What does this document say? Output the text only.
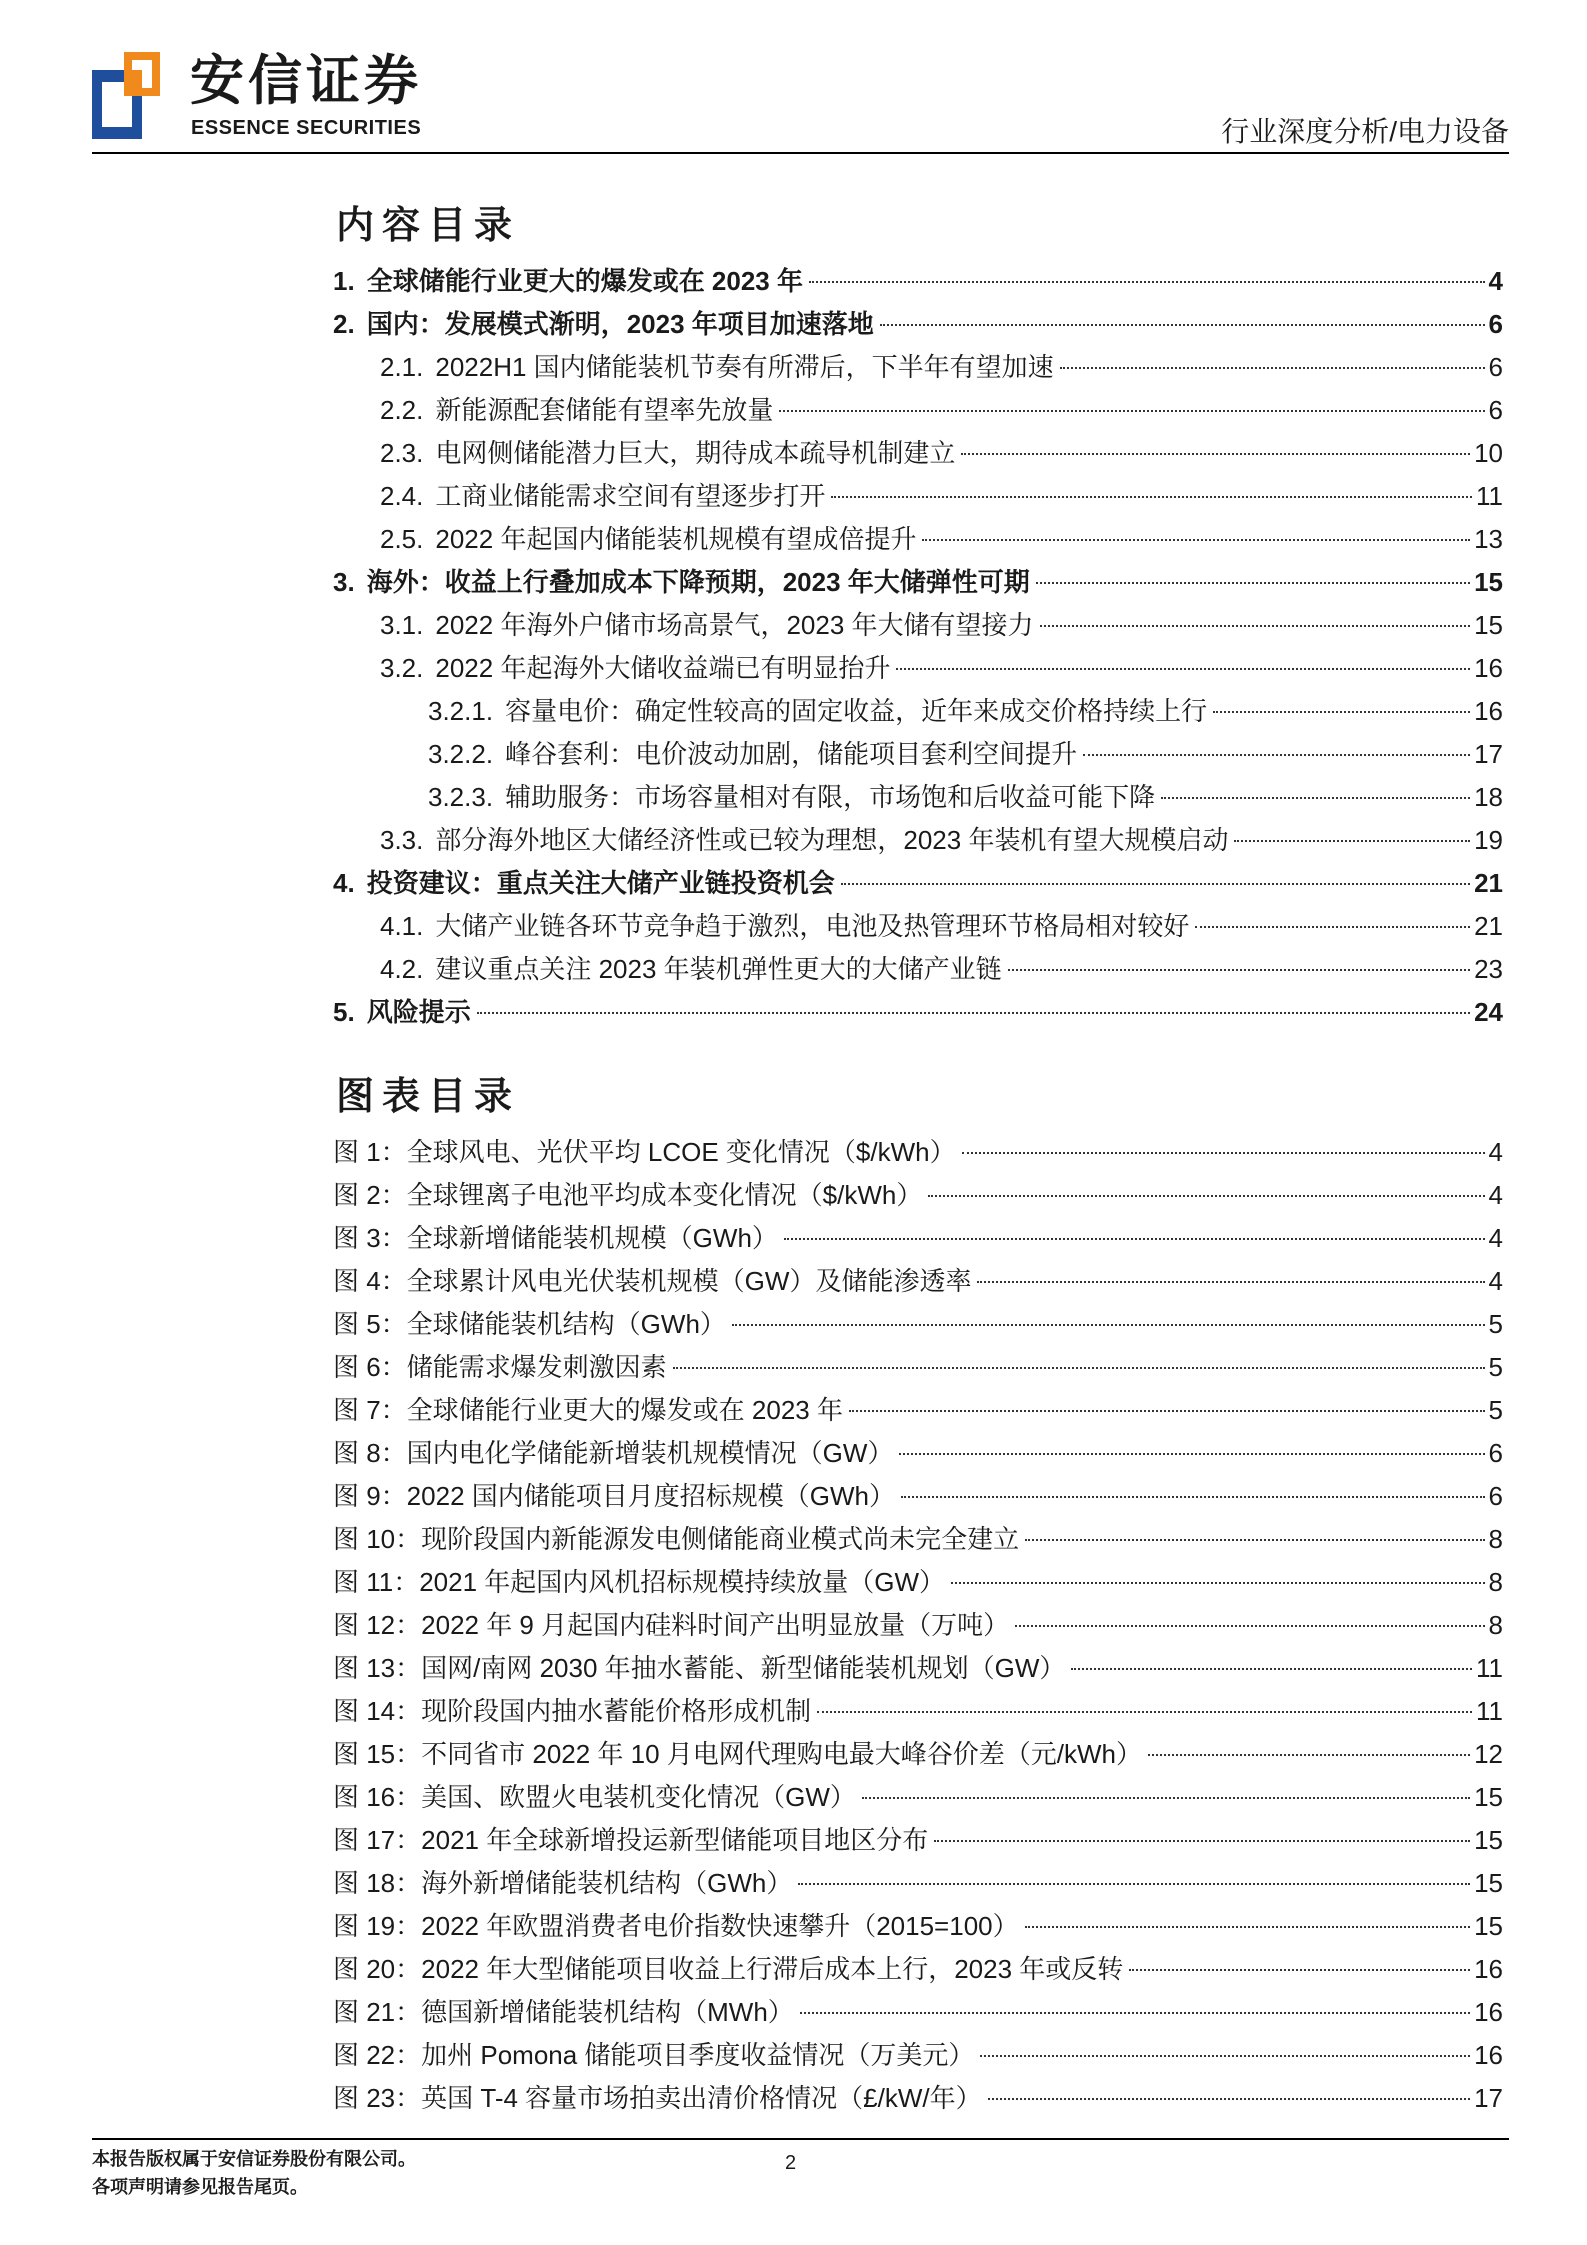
安信证券
ESSENCE SECURITIES	行业深度分析/电力设备
内容目录
1. 全球储能行业更大的爆发或在 2023 年	4
2. 国内：发展模式渐明，2023 年项目加速落地	6
2.1. 2022H1 国内储能装机节奏有所滞后，下半年有望加速	6
2.2. 新能源配套储能有望率先放量	6
2.3. 电网侧储能潜力巨大，期待成本疏导机制建立	10
2.4. 工商业储能需求空间有望逐步打开	11
2.5. 2022 年起国内储能装机规模有望成倍提升	13
3. 海外：收益上行叠加成本下降预期，2023 年大储弹性可期	15
3.1. 2022 年海外户储市场高景气，2023 年大储有望接力	15
3.2. 2022 年起海外大储收益端已有明显抬升	16
3.2.1. 容量电价：确定性较高的固定收益，近年来成交价格持续上行	16
3.2.2. 峰谷套利：电价波动加剧，储能项目套利空间提升	17
3.2.3. 辅助服务：市场容量相对有限，市场饱和后收益可能下降	18
3.3. 部分海外地区大储经济性或已较为理想，2023 年装机有望大规模启动	19
4. 投资建议：重点关注大储产业链投资机会	21
4.1. 大储产业链各环节竞争趋于激烈，电池及热管理环节格局相对较好	21
4.2. 建议重点关注 2023 年装机弹性更大的大储产业链	23
5. 风险提示	24
图表目录
图 1：全球风电、光伏平均 LCOE 变化情况（$/kWh）	4
图 2：全球锂离子电池平均成本变化情况（$/kWh）	4
图 3：全球新增储能装机规模（GWh）	4
图 4：全球累计风电光伏装机规模（GW）及储能渗透率	4
图 5：全球储能装机结构（GWh）	5
图 6：储能需求爆发刺激因素	5
图 7：全球储能行业更大的爆发或在 2023 年	5
图 8：国内电化学储能新增装机规模情况（GW）	6
图 9：2022 国内储能项目月度招标规模（GWh）	6
图 10：现阶段国内新能源发电侧储能商业模式尚未完全建立	8
图 11：2021 年起国内风机招标规模持续放量（GW）	8
图 12：2022 年 9 月起国内硅料时间产出明显放量（万吨）	8
图 13：国网/南网 2030 年抽水蓄能、新型储能装机规划（GW）	11
图 14：现阶段国内抽水蓄能价格形成机制	11
图 15：不同省市 2022 年 10 月电网代理购电最大峰谷价差（元/kWh）	12
图 16：美国、欧盟火电装机变化情况（GW）	15
图 17：2021 年全球新增投运新型储能项目地区分布	15
图 18：海外新增储能装机结构（GWh）	15
图 19：2022 年欧盟消费者电价指数快速攀升（2015=100）	15
图 20：2022 年大型储能项目收益上行滞后成本上行，2023 年或反转	16
图 21：德国新增储能装机结构（MWh）	16
图 22：加州 Pomona 储能项目季度收益情况（万美元）	16
图 23：英国 T-4 容量市场拍卖出清价格情况（£/kW/年）	17
本报告版权属于安信证券股份有限公司。
各项声明请参见报告尾页。
2
